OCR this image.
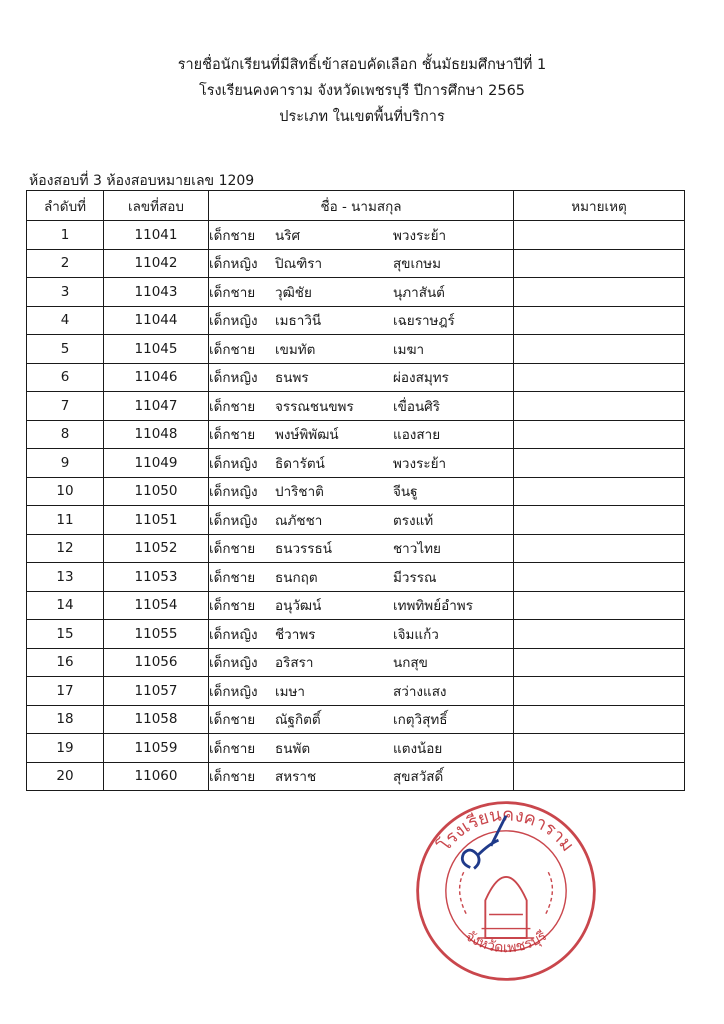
รายชื่อนักเรียนที่มีสิทธิ์เข้าสอบคัดเลือก ชั้นมัธยมศึกษาปีที่ 1
โรงเรียนคงคาราม จังหวัดเพชรบุรี ปีการศึกษา 2565
ประเภท ในเขตพื้นที่บริการ
ห้องสอบที่ 3 ห้องสอบหมายเลข 1209
ลำดับที่	เลขที่สอบ	ชื่อ - นามสกุล	หมายเหตุ
1	11041	เด็กชาย นริศ พวงระย้า	
2	11042	เด็กหญิง ปิณฑิรา สุขเกษม	
3	11043	เด็กชาย วุฒิชัย นุภาสันต์	
4	11044	เด็กหญิง เมธาวินี เฉยราษฎร์	
5	11045	เด็กชาย เขมทัต เมฆา	
6	11046	เด็กหญิง ธนพร ผ่องสมุทร	
7	11047	เด็กชาย จรรณชนขพร เขื่อนศิริ	
8	11048	เด็กชาย พงษ์พิพัฒน์ แองสาย	
9	11049	เด็กหญิง ธิดารัตน์ พวงระย้า	
10	11050	เด็กหญิง ปาริชาติ จีนฐู	
11	11051	เด็กหญิง ณภัชชา ตรงแท้	
12	11052	เด็กชาย ธนวรรธน์ ชาวไทย	
13	11053	เด็กชาย ธนกฤต มีวรรณ	
14	11054	เด็กชาย อนุวัฒน์ เทพทิพย์อำพร	
15	11055	เด็กหญิง ชีวาพร เจิมแก้ว	
16	11056	เด็กหญิง อริสรา นกสุข	
17	11057	เด็กหญิง เมษา สว่างแสง	
18	11058	เด็กชาย ณัฐกิตติ์ เกตุวิสุทธิ์	
19	11059	เด็กชาย ธนพัต แตงน้อย	
20	11060	เด็กชาย สหราช สุขสวัสดิ์	
โรงเรียนคงคาราม
จังหวัดเพชรบุรี
